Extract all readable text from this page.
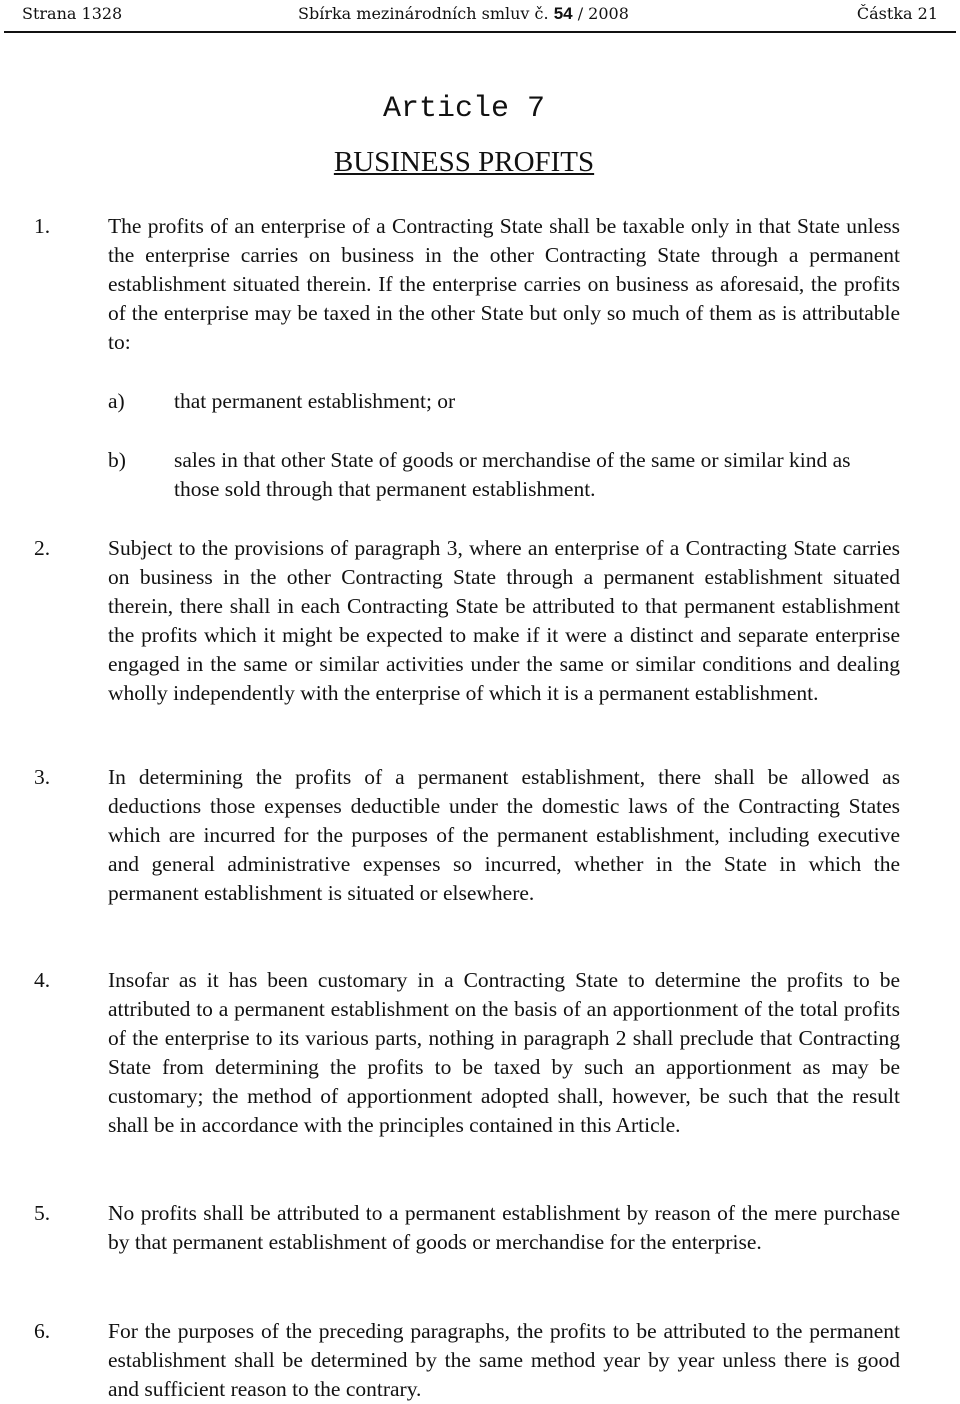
Strana 1328	Sbírka mezinárodních smluv č. 54 / 2008	Částka 21
Article 7
BUSINESS PROFITS
1.	The profits of an enterprise of a Contracting State shall be taxable only in that State unless the enterprise carries on business in the other Contracting State through a permanent establishment situated therein. If the enterprise carries on business as aforesaid, the profits of the enterprise may be taxed in the other State but only so much of them as is attributable to:
a) that permanent establishment; or
b) sales in that other State of goods or merchandise of the same or similar kind as those sold through that permanent establishment.
2.	Subject to the provisions of paragraph 3, where an enterprise of a Contracting State carries on business in the other Contracting State through a permanent establishment situated therein, there shall in each Contracting State be attributed to that permanent establishment the profits which it might be expected to make if it were a distinct and separate enterprise engaged in the same or similar activities under the same or similar conditions and dealing wholly independently with the enterprise of which it is a permanent establishment.
3.	In determining the profits of a permanent establishment, there shall be allowed as deductions those expenses deductible under the domestic laws of the Contracting States which are incurred for the purposes of the permanent establishment, including executive and general administrative expenses so incurred, whether in the State in which the permanent establishment is situated or elsewhere.
4.	Insofar as it has been customary in a Contracting State to determine the profits to be attributed to a permanent establishment on the basis of an apportionment of the total profits of the enterprise to its various parts, nothing in paragraph 2 shall preclude that Contracting State from determining the profits to be taxed by such an apportionment as may be customary; the method of apportionment adopted shall, however, be such that the result shall be in accordance with the principles contained in this Article.
5.	No profits shall be attributed to a permanent establishment by reason of the mere purchase by that permanent establishment of goods or merchandise for the enterprise.
6.	For the purposes of the preceding paragraphs, the profits to be attributed to the permanent establishment shall be determined by the same method year by year unless there is good and sufficient reason to the contrary.
